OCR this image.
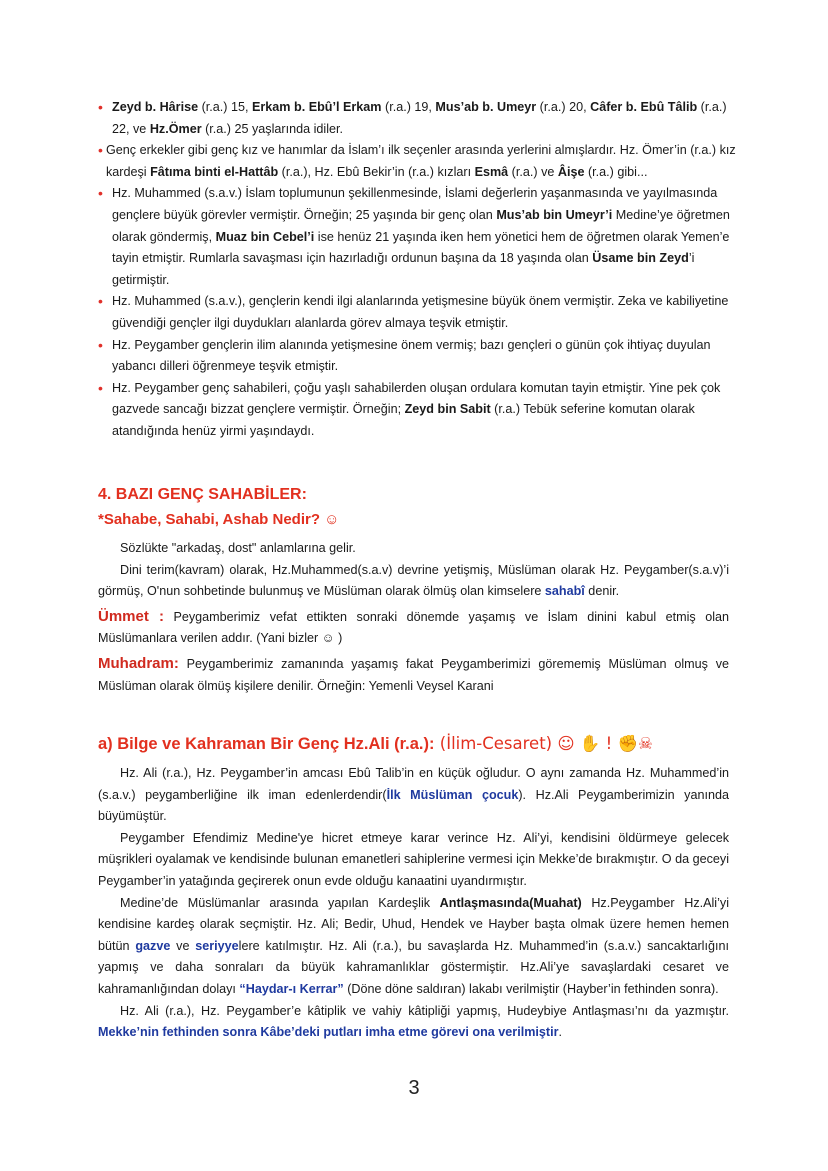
• Zeyd b. Hârise (r.a.) 15, Erkam b. Ebû’l Erkam (r.a.) 19, Mus’ab b. Umeyr (r.a.) 20, Câfer b. Ebû Tâlib (r.a.) 22, ve Hz.Ömer (r.a.) 25 yaşlarında idiler.

• Genç erkekler gibi genç kız ve hanımlar da İslam’ı ilk seçenler arasında yerlerini almışlardır. Hz. Ömer’in (r.a.) kız kardeşi Fâtıma binti el-Hattâb (r.a.), Hz. Ebû Bekir’in (r.a.) kızları Esmâ (r.a.) ve Âişe (r.a.) gibi...

• Hz. Muhammed (s.a.v.) İslam toplumunun şekillenmesinde, İslami değerlerin yaşanmasında ve yayılmasında gençlere büyük görevler vermiştir. Örneğin; 25 yaşında bir genç olan Mus’ab bin Umeyr’i Medine’ye öğretmen olarak göndermiş, Muaz bin Cebel’i ise henüz 21 yaşında iken hem yönetici hem de öğretmen olarak Yemen’e tayin etmiştir. Rumlarla savaşması için hazırladığı ordunun başına da 18 yaşında olan Üsame bin Zeyd’i getirmiştir.

• Hz. Muhammed (s.a.v.), gençlerin kendi ilgi alanlarında yetişmesine büyük önem vermiştir. Zeka ve kabiliyetine güvendiği gençler ilgi duydukları alanlarda görev almaya teşvik etmiştir.

• Hz. Peygamber gençlerin ilim alanında yetişmesine önem vermiş; bazı gençleri o günün çok ihtiyaç duyulan yabancı dilleri öğrenmeye teşvik etmiştir.

• Hz. Peygamber genç sahabileri, çoğu yaşlı sahabilerden oluşan ordulara komutan tayin etmiştir. Yine pek çok gazvede sancağı bizzat gençlere vermiştir. Örneğin; Zeyd bin Sabit (r.a.) Tebük seferine komutan olarak atandığında henüz yirmi yaşındaydı.

4. BAZI GENÇ SAHABİLER:
*Sahabe, Sahabi, Ashab Nedir? ☺

Sözlükte "arkadaş, dost" anlamlarına gelir.

Dini terim(kavram) olarak, Hz.Muhammed(s.a.v) devrine yetişmiş, Müslüman olarak Hz. Peygamber(s.a.v)’i görmüş, O'nun sohbetinde bulunmuş ve Müslüman olarak ölmüş olan kimselere sahabî denir.

Ümmet : Peygamberimiz vefat ettikten sonraki dönemde yaşamış ve İslam dinini kabul etmiş olan Müslümanlara verilen addır. (Yani bizler ☺ )

Muhadram: Peygamberimiz zamanında yaşamış fakat Peygamberimizi görememiş Müslüman olmuş ve Müslüman olarak ölmüş kişilere denilir. Örneğin: Yemenli Veysel Karani

a) Bilge ve Kahraman Bir Genç Hz.Ali (r.a.): (İlim-Cesaret) ☺ ✋ ! ✊☠

Hz. Ali (r.a.), Hz. Peygamber’in amcası Ebû Talib’in en küçük oğludur. O aynı zamanda Hz. Muhammed’in (s.a.v.) peygamberliğine ilk iman edenlerdendir(İlk Müslüman çocuk). Hz.Ali Peygamberimizin yanında büyümüştür.

Peygamber Efendimiz Medine'ye hicret etmeye karar verince Hz. Ali’yi, kendisini öldürmeye gelecek müşrikleri oyalamak ve kendisinde bulunan emanetleri sahiplerine vermesi için Mekke’de bırakmıştır. O da geceyi Peygamber’in yatağında geçirerek onun evde olduğu kanaatini uyandırmıştır.

Medine’de Müslümanlar arasında yapılan Kardeşlik Antlaşmasında(Muahat) Hz.Peygamber Hz.Ali’yi kendisine kardeş olarak seçmiştir. Hz. Ali; Bedir, Uhud, Hendek ve Hayber başta olmak üzere hemen hemen bütün gazve ve seriyyelere katılmıştır. Hz. Ali (r.a.), bu savaşlarda Hz. Muhammed’in (s.a.v.) sancaktarlığını yapmış ve daha sonraları da büyük kahramanlıklar göstermiştir. Hz.Ali’ye savaşlardaki cesaret ve kahramanlığından dolayı “Haydar-ı Kerrar” (Döne döne saldıran) lakabı verilmiştir (Hayber’in fethinden sonra).

Hz. Ali (r.a.), Hz. Peygamber’e kâtiplik ve vahiy kâtipliği yapmış, Hudeybiye Antlaşması’nı da yazmıştır. Mekke’nin fethinden sonra Kâbe’deki putları imha etme görevi ona verilmiştir.

3
